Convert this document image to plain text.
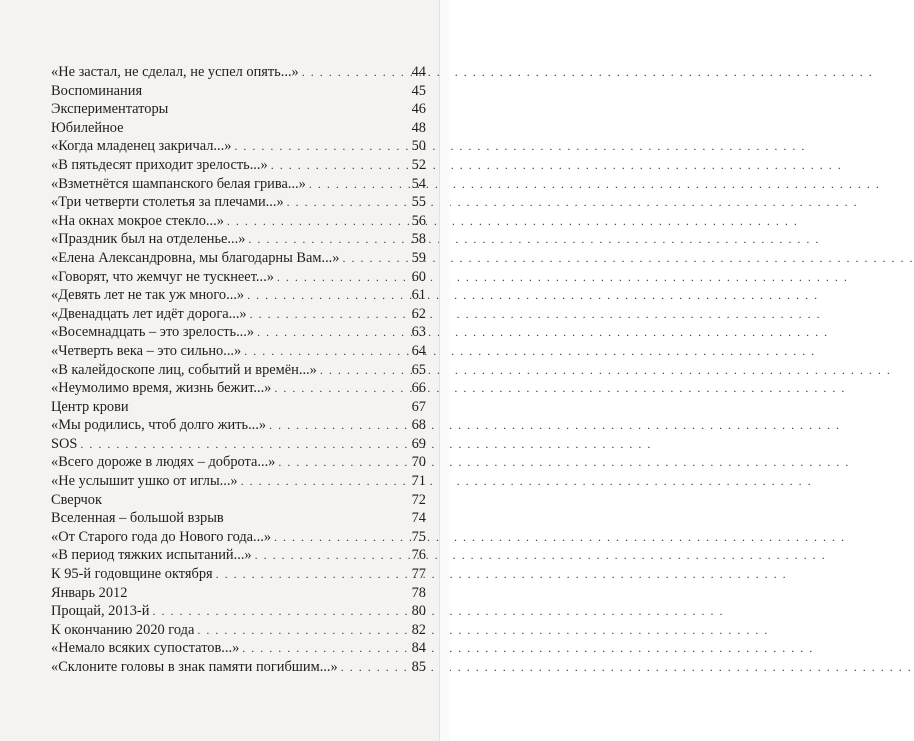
«Не застал, не сделал, не успел опять...» . . .	44
Воспоминания	45
Экспериментаторы	46
Юбилейное	48
«Когда младенец закричал...» . . .	50
«В пятьдесят приходит зрелость...» . . .	52
«Взметнётся шампанского белая грива...» . . .	54
«Три четверти столетья за плечами...» . . .	55
«На окнах мокрое стекло...» . . .	56
«Праздник был на отделенье...» . . .	58
«Елена Александровна, мы благодарны Вам...» . . .	59
«Говорят, что жемчуг не тускнеет...» . . .	60
«Девять лет не так уж много...» . . .	61
«Двенадцать лет идёт дорога...» . . .	62
«Восемнадцать – это зрелость...» . . .	63
«Четверть века – это сильно...» . . .	64
«В калейдоскопе лиц, событий и времён...» . . .	65
«Неумолимо время, жизнь бежит...» . . .	66
Центр крови	67
«Мы родились, чтоб долго жить...» . . .	68
SOS . . .	69
«Всего дороже в людях – доброта...» . . .	70
«Не услышит ушко от иглы...» . . .	71
Сверчок	72
Вселенная – большой взрыв	74
«От Старого года до Нового года...» . . .	75
«В период тяжких испытаний...» . . .	76
К 95-й годовщине октября . . .	77
Январь 2012	78
Прощай, 2013-й . . .	80
К окончанию 2020 года . . .	82
«Немало всяких супостатов...» . . .	84
«Склоните головы в знак памяти погибшим...» . . .	85
